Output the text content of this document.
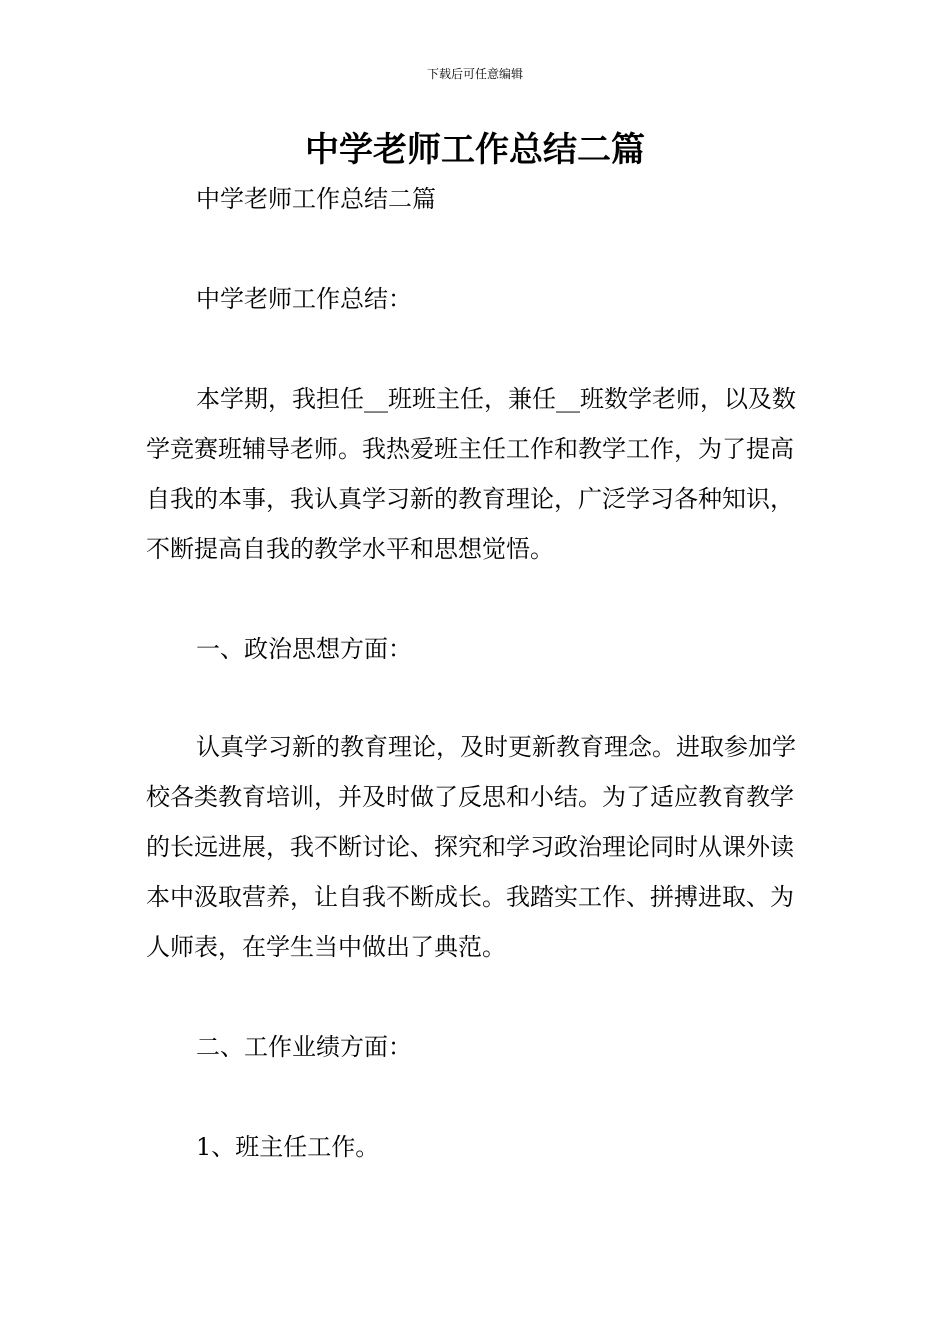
下载后可任意编辑
中学老师工作总结二篇

中学老师工作总结二篇

中学老师工作总结：

本学期，我担任__班班主任，兼任__班数学老师，以及数学竞赛班辅导老师。我热爱班主任工作和教学工作，为了提高自我的本事，我认真学习新的教育理论，广泛学习各种知识，不断提高自我的教学水平和思想觉悟。

一、政治思想方面：

认真学习新的教育理论，及时更新教育理念。进取参加学校各类教育培训，并及时做了反思和小结。为了适应教育教学的长远进展，我不断讨论、探究和学习政治理论同时从课外读本中汲取营养，让自我不断成长。我踏实工作、拼搏进取、为人师表，在学生当中做出了典范。

二、工作业绩方面：

1、班主任工作。
